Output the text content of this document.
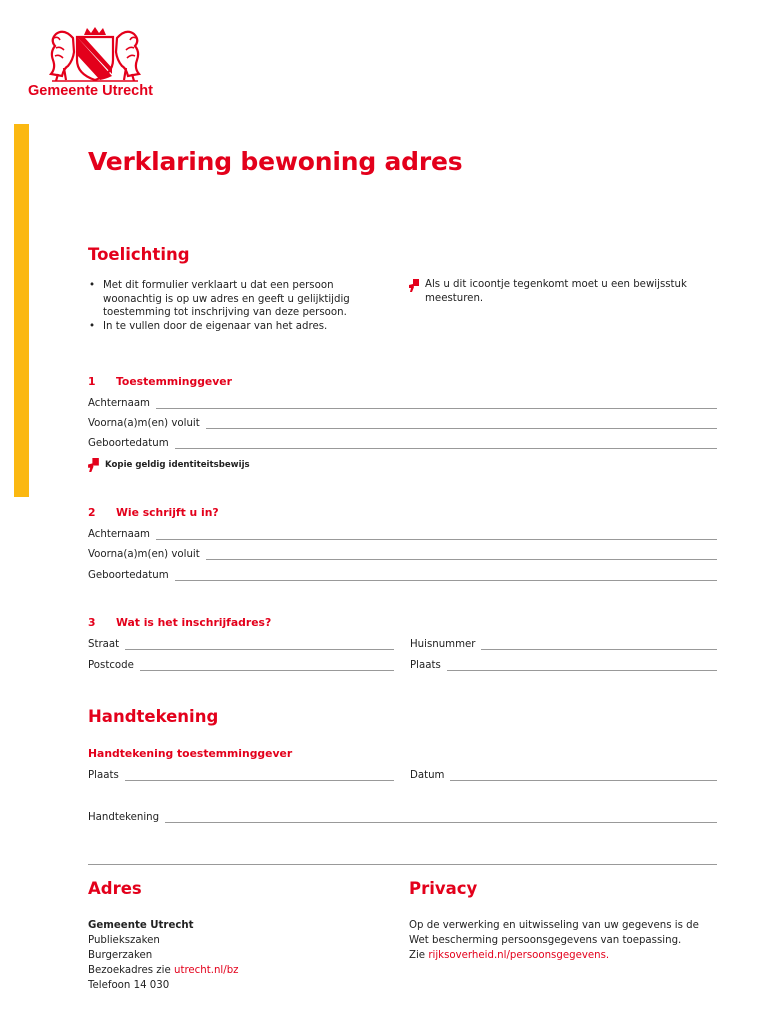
Gemeente Utrecht
Verklaring bewoning adres
Toelichting
• Met dit formulier verklaart u dat een persoon woonachtig is op uw adres en geeft u gelijktijdig toestemming tot inschrijving van deze persoon.
• In te vullen door de eigenaar van het adres.
Als u dit icoontje tegenkomt moet u een bewijsstuk meesturen.
1 Toestemminggever
Achternaam
Voorna(a)m(en) voluit
Geboortedatum
Kopie geldig identiteitsbewijs
2 Wie schrijft u in?
Achternaam
Voorna(a)m(en) voluit
Geboortedatum
3 Wat is het inschrijfadres?
Straat	Huisnummer
Postcode	Plaats
Handtekening
Handtekening toestemminggever
Plaats	Datum
Handtekening
Adres
Gemeente Utrecht
Publiekszaken
Burgerzaken
Bezoekadres zie utrecht.nl/bz
Telefoon 14 030
Privacy
Op de verwerking en uitwisseling van uw gegevens is de
Wet bescherming persoonsgegevens van toepassing.
Zie rijksoverheid.nl/persoonsgegevens.
